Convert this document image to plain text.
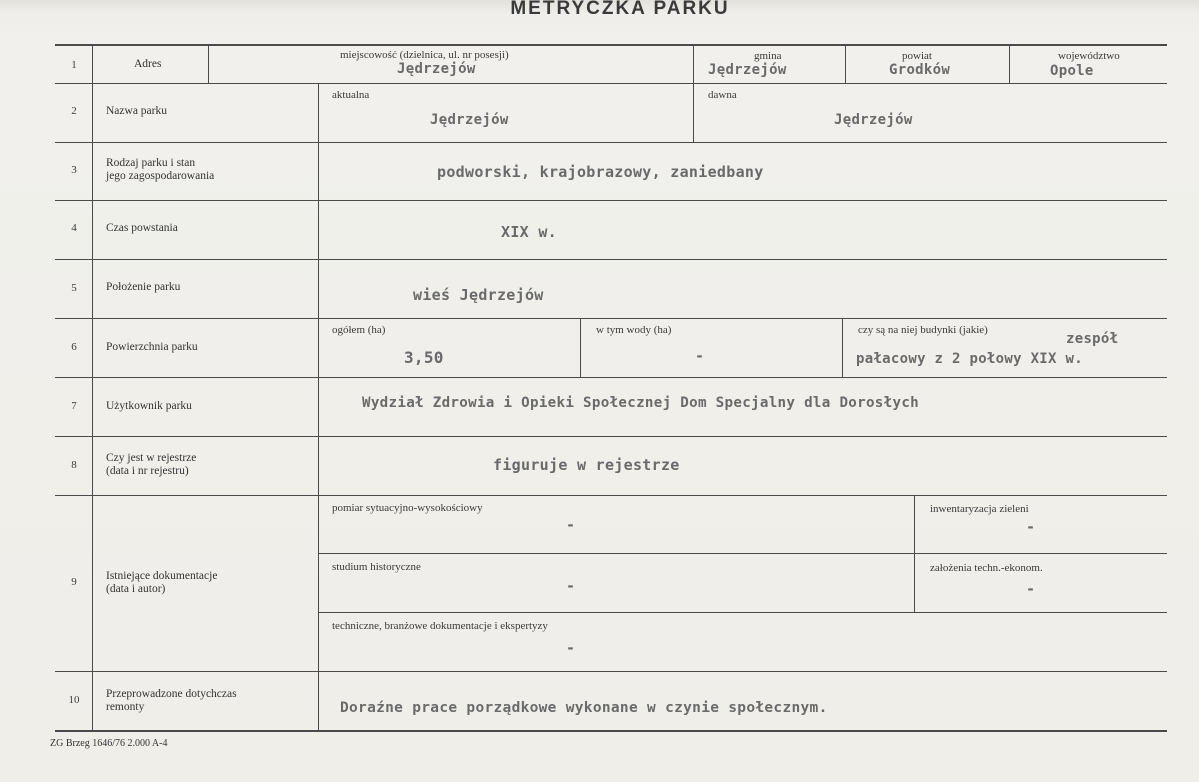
METRYCZKA PARKU
1
2
3
4
5
6
7
8
9
10
Adres
Nazwa parku
Rodzaj parku i stan
jego zagospodarowania
Czas powstania
Położenie parku
Powierzchnia parku
Użytkownik parku
Czy jest w rejestrze
(data i nr rejestru)
Istniejące dokumentacje
(data i autor)
Przeprowadzone dotychczas
remonty
miejscowość (dzielnica, ul. nr posesji)
Jędrzejów
gmina
Jędrzejów
powiat
Grodków
województwo
Opole
aktualna
Jędrzejów
dawna
Jędrzejów
podworski, krajobrazowy, zaniedbany
XIX w.
wieś Jędrzejów
ogółem (ha)
3,50
w tym wody (ha)
-
czy są na niej budynki (jakie)
zespół
pałacowy z 2 połowy XIX w.
Wydział Zdrowia i Opieki Społecznej Dom Specjalny dla Dorosłych
figuruje w rejestrze
pomiar sytuacyjno-wysokościowy
-
inwentaryzacja zieleni
-
studium historyczne
-
założenia techn.-ekonom.
-
techniczne, branżowe dokumentacje i ekspertyzy
-
Doraźne prace porządkowe wykonane w czynie społecznym.
ZG Brzeg 1646/76 2.000 A-4
